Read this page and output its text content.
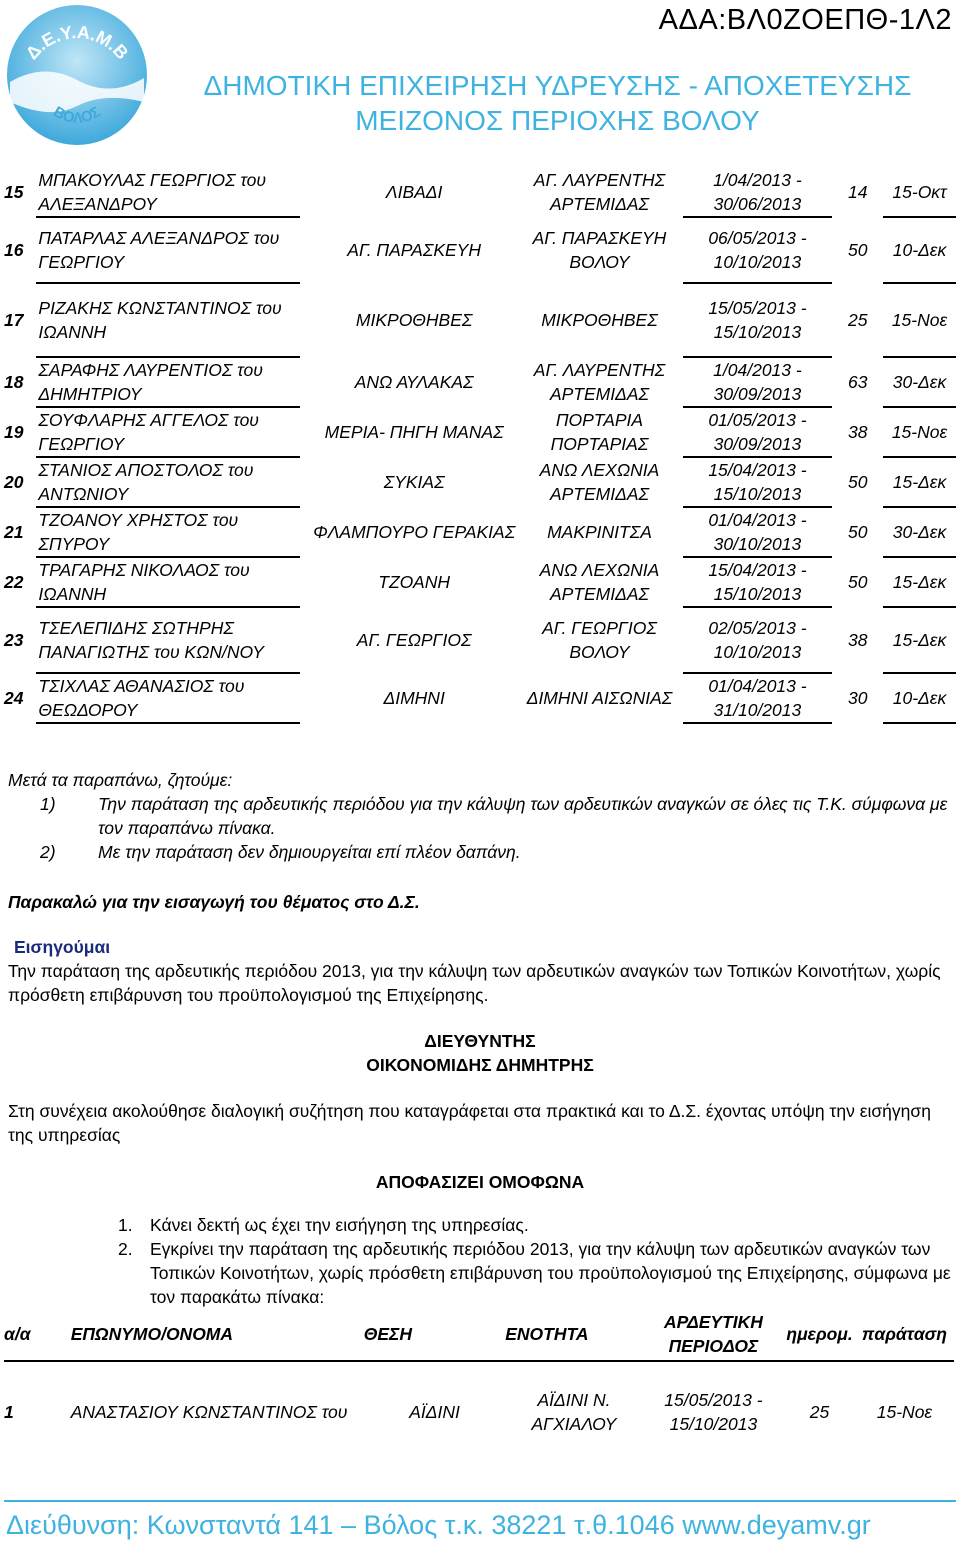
ΑΔΑ:ΒΛ0ΖΟΕΠΘ-1Λ2
Δ.Ε.Υ.Α.Μ.Β
ΒΟΛΟΣ
ΔΗΜΟΤΙΚΗ ΕΠΙΧΕΙΡΗΣΗ ΥΔΡΕΥΣΗΣ - ΑΠΟΧΕΤΕΥΣΗΣ
ΜΕΙΖΟΝΟΣ ΠΕΡΙΟΧΗΣ ΒΟΛΟΥ
15	ΜΠΑΚΟΥΛΑΣ ΓΕΩΡΓΙΟΣ του ΑΛΕΞΑΝΔΡΟΥ		ΛΙΒΑΔΙ	ΑΓ. ΛΑΥΡΕΝΤΗΣ ΑΡΤΕΜΙΔΑΣ	1/04/2013 - 30/06/2013	14	15-Οκτ
16	ΠΑΤΑΡΛΑΣ ΑΛΕΞΑΝΔΡΟΣ του ΓΕΩΡΓΙΟΥ		ΑΓ. ΠΑΡΑΣΚΕΥΗ	ΑΓ. ΠΑΡΑΣΚΕΥΗ ΒΟΛΟΥ	06/05/2013 - 10/10/2013	50	10-Δεκ
17	ΡΙΖΑΚΗΣ ΚΩΝΣΤΑΝΤΙΝΟΣ του ΙΩΑΝΝΗ		ΜΙΚΡΟΘΗΒΕΣ	ΜΙΚΡΟΘΗΒΕΣ	15/05/2013 - 15/10/2013	25	15-Νοε
18	ΣΑΡΑΦΗΣ ΛΑΥΡΕΝΤΙΟΣ του ΔΗΜΗΤΡΙΟΥ		ΑΝΩ ΑΥΛΑΚΑΣ	ΑΓ. ΛΑΥΡΕΝΤΗΣ ΑΡΤΕΜΙΔΑΣ	1/04/2013 - 30/09/2013	63	30-Δεκ
19	ΣΟΥΦΛΑΡΗΣ ΑΓΓΕΛΟΣ του ΓΕΩΡΓΙΟΥ		ΜΕΡΙΑ- ΠΗΓΗ ΜΑΝΑΣ	ΠΟΡΤΑΡΙΑ ΠΟΡΤΑΡΙΑΣ	01/05/2013 - 30/09/2013	38	15-Νοε
20	ΣΤΑΝΙΟΣ ΑΠΟΣΤΟΛΟΣ του ΑΝΤΩΝΙΟΥ		ΣΥΚΙΑΣ	ΑΝΩ ΛΕΧΩΝΙΑ ΑΡΤΕΜΙΔΑΣ	15/04/2013 - 15/10/2013	50	15-Δεκ
21	ΤΖΟΑΝΟΥ ΧΡΗΣΤΟΣ του ΣΠΥΡΟΥ		ΦΛΑΜΠΟΥΡΟ ΓΕΡΑΚΙΑΣ	ΜΑΚΡΙΝΙΤΣΑ	01/04/2013 - 30/10/2013	50	30-Δεκ
22	ΤΡΑΓΑΡΗΣ ΝΙΚΟΛΑΟΣ του ΙΩΑΝΝΗ		ΤΖΟΑΝΗ	ΑΝΩ ΛΕΧΩΝΙΑ ΑΡΤΕΜΙΔΑΣ	15/04/2013 - 15/10/2013	50	15-Δεκ
23	ΤΣΕΛΕΠΙΔΗΣ ΣΩΤΗΡΗΣ ΠΑΝΑΓΙΩΤΗΣ του ΚΩΝ/ΝΟΥ		ΑΓ. ΓΕΩΡΓΙΟΣ	ΑΓ. ΓΕΩΡΓΙΟΣ ΒΟΛΟΥ	02/05/2013 - 10/10/2013	38	15-Δεκ
24	ΤΣΙΧΛΑΣ ΑΘΑΝΑΣΙΟΣ του ΘΕΩΔΟΡΟΥ		ΔΙΜΗΝΙ	ΔΙΜΗΝΙ ΑΙΣΩΝΙΑΣ	01/04/2013 - 31/10/2013	30	10-Δεκ
Μετά τα παραπάνω, ζητούμε:
1) Την παράταση της αρδευτικής περιόδου για την κάλυψη των αρδευτικών αναγκών σε όλες τις Τ.Κ. σύμφωνα με τον παραπάνω πίνακα.
2) Με την παράταση δεν δημιουργείται επί πλέον δαπάνη.
Παρακαλώ για την εισαγωγή του θέματος στο Δ.Σ.
Εισηγούμαι
Την παράταση της αρδευτικής περιόδου 2013, για την κάλυψη των αρδευτικών αναγκών των Τοπικών Κοινοτήτων, χωρίς πρόσθετη επιβάρυνση του προϋπολογισμού της Επιχείρησης.
ΔΙΕΥΘΥΝΤΗΣ
ΟΙΚΟΝΟΜΙΔΗΣ ΔΗΜΗΤΡΗΣ
Στη συνέχεια ακολούθησε διαλογική συζήτηση που καταγράφεται στα πρακτικά και το Δ.Σ. έχοντας υπόψη την εισήγηση της υπηρεσίας
ΑΠΟΦΑΣΙΖΕΙ ΟΜΟΦΩΝΑ
1. Κάνει δεκτή ως έχει την εισήγηση της υπηρεσίας.
2. Εγκρίνει την παράταση της αρδευτικής περιόδου 2013, για την κάλυψη των αρδευτικών αναγκών των Τοπικών Κοινοτήτων, χωρίς πρόσθετη επιβάρυνση του προϋπολογισμού της Επιχείρησης, σύμφωνα με τον παρακάτω πίνακα:
α/α	ΕΠΩΝΥΜΟ/ΟΝΟΜΑ	ΘΕΣΗ	ΕΝΟΤΗΤΑ	ΑΡΔΕΥΤΙΚΗ ΠΕΡΙΟΔΟΣ	ημερομ.	παράταση
1	ΑΝΑΣΤΑΣΙΟΥ ΚΩΝΣΤΑΝΤΙΝΟΣ του	ΑΪΔΙΝΙ	ΑΪΔΙΝΙ Ν. ΑΓΧΙΑΛΟΥ	15/05/2013 - 15/10/2013	25	15-Νοε
Διεύθυνση: Κωνσταντά 141 – Βόλος τ.κ. 38221 τ.θ.1046 www.deyamv.gr
